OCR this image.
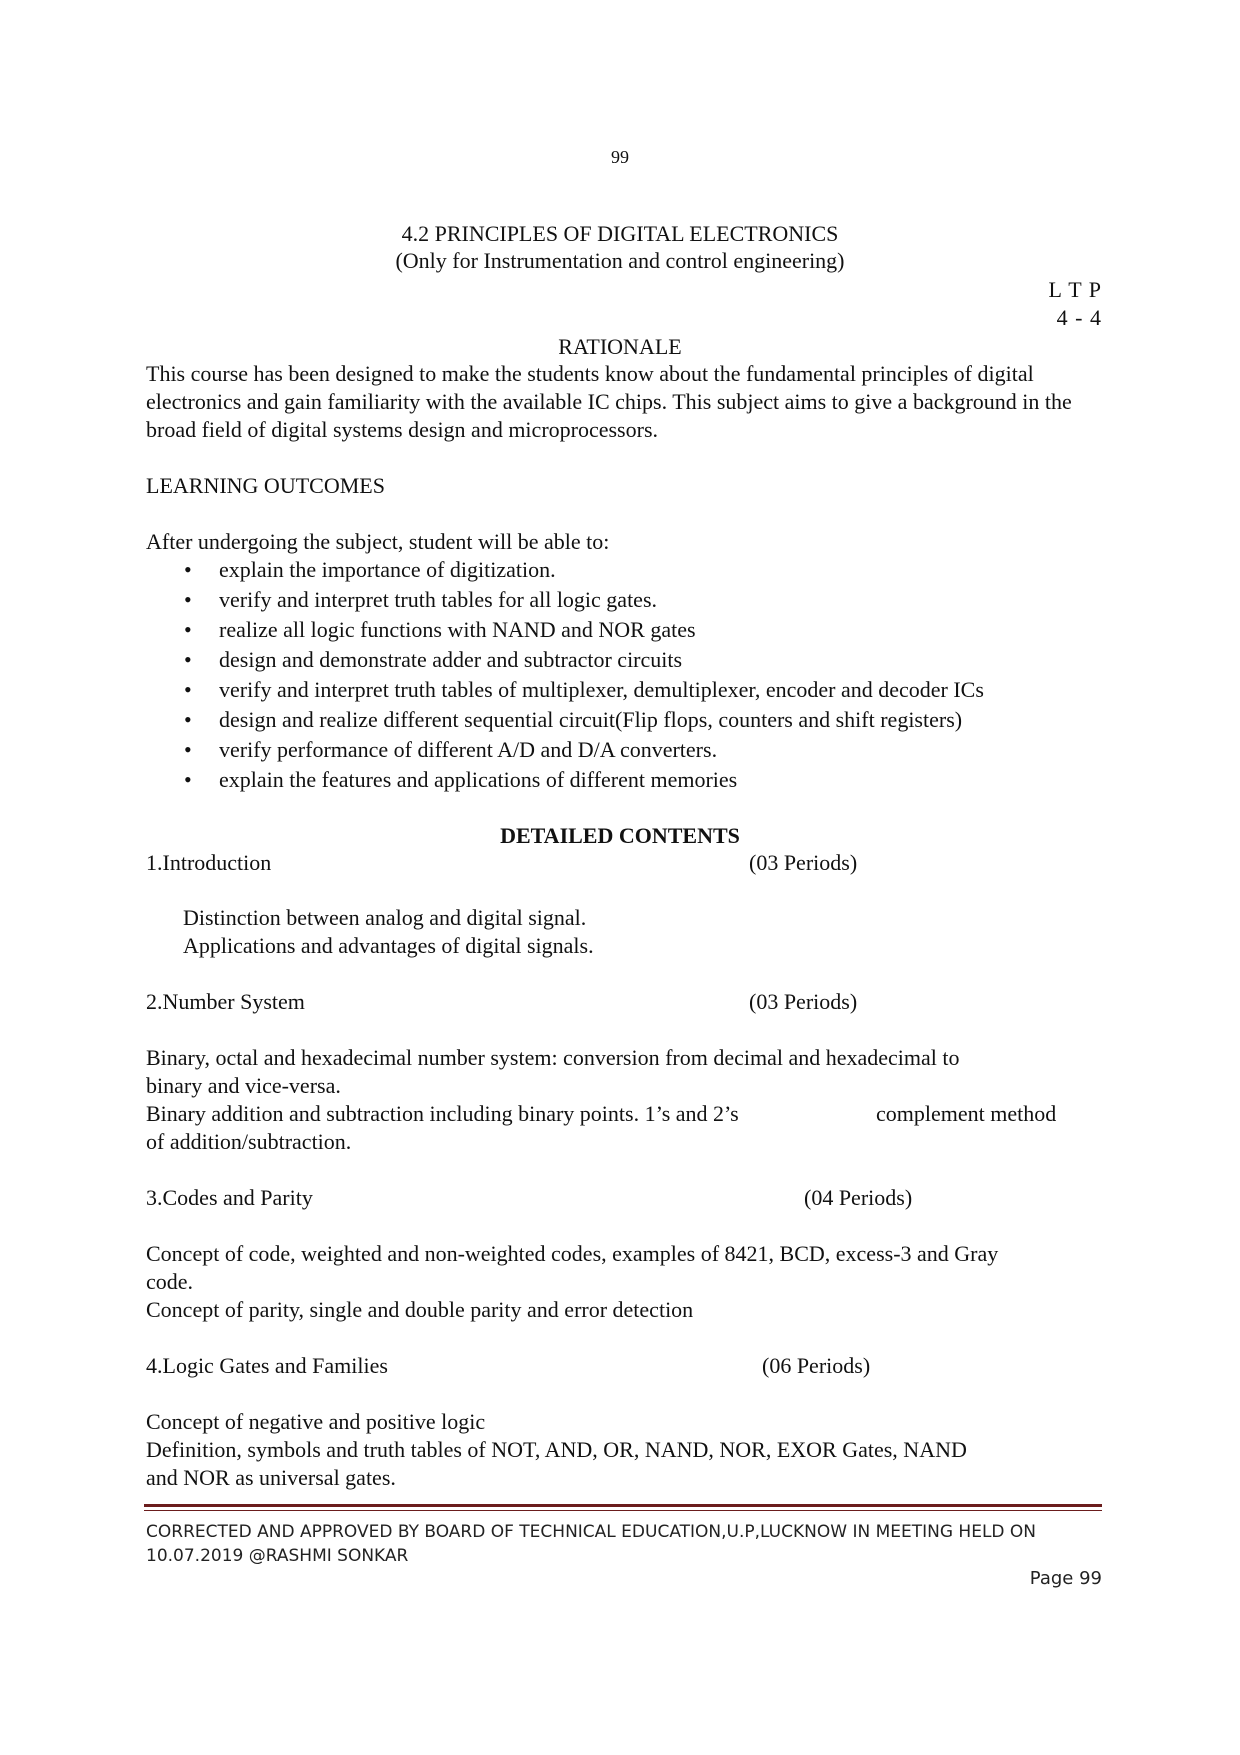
99
4.2 PRINCIPLES OF DIGITAL ELECTRONICS
(Only for Instrumentation and control engineering)
L T P
4 - 4
RATIONALE
This course has been designed to make the students know about the fundamental principles of digital electronics and gain familiarity with the available IC chips. This subject aims to give a background in the broad field of digital systems design and microprocessors.
LEARNING OUTCOMES
After undergoing the subject, student will be able to:
• explain the importance of digitization.
• verify and interpret truth tables for all logic gates.
• realize all logic functions with NAND and NOR gates
• design and demonstrate adder and subtractor circuits
• verify and interpret truth tables of multiplexer, demultiplexer, encoder and decoder ICs
• design and realize different sequential circuit(Flip flops, counters and shift registers)
• verify performance of different A/D and D/A converters.
• explain the features and applications of different memories
DETAILED CONTENTS
1.Introduction	(03 Periods)
Distinction between analog and digital signal.
Applications and advantages of digital signals.
2.Number System	(03 Periods)
Binary, octal and hexadecimal number system: conversion from decimal and hexadecimal to
binary and vice-versa.
Binary addition and subtraction including binary points. 1’s and 2’s	complement method
of addition/subtraction.
3.Codes and Parity	(04 Periods)
Concept of code, weighted and non-weighted codes, examples of 8421, BCD, excess-3 and Gray
code.
Concept of parity, single and double parity and error detection
4.Logic Gates and Families	(06 Periods)
Concept of negative and positive logic
Definition, symbols and truth tables of NOT, AND, OR, NAND, NOR, EXOR Gates, NAND
and NOR as universal gates.
CORRECTED AND APPROVED BY BOARD OF TECHNICAL EDUCATION,U.P,LUCKNOW IN MEETING HELD ON 10.07.2019 @RASHMI SONKAR
Page 99
